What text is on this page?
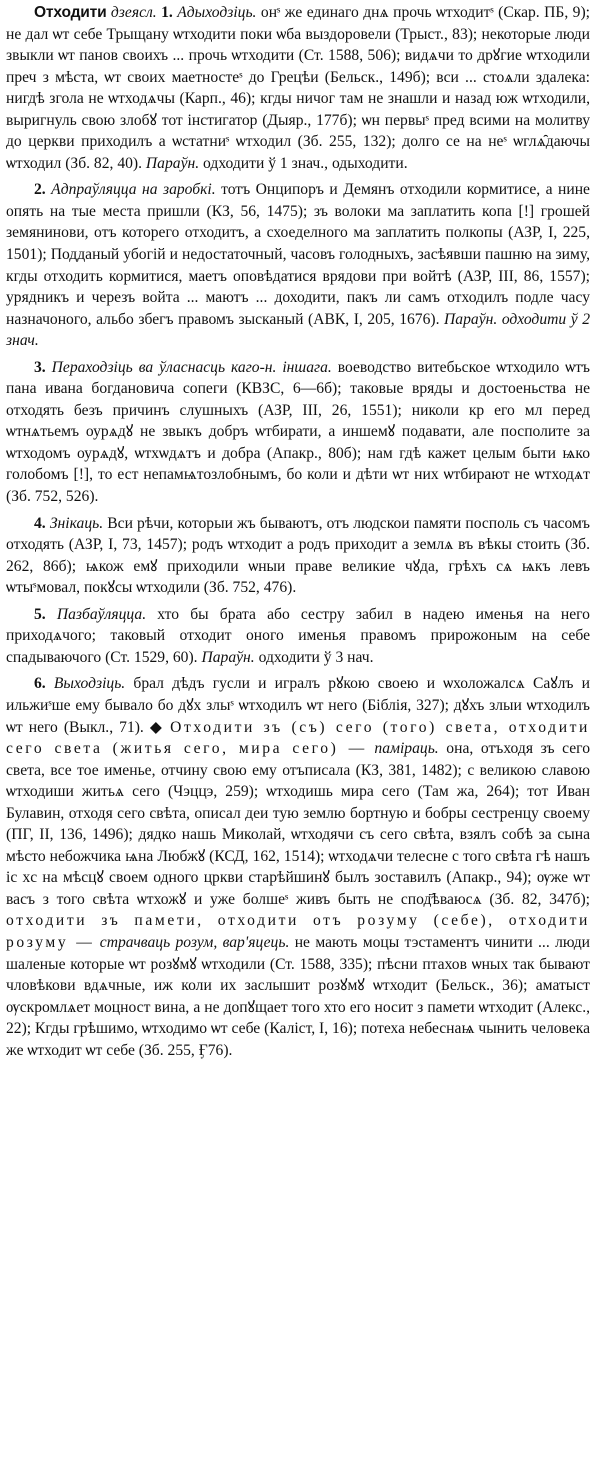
Отходити дзеясл. 1. Адыходзіць. онˢ же единаго днѧ прочь ѡтходитˢ (Скар. ПБ, 9); не дал ѡт себе Трыщану ѡтходити поки ѡба выздоровели (Трыст., 83); некоторые люди звыкли ѡт панов своихъ ... прочь ѡтходити (Ст. 1588, 506); видѧчи то дрꙋгие ѡтходили преч з мѣста, ѡт своих маетностеˢ до Грецѣи (Бельск., 149б); вси ... стоѧли здалека: нигдѣ згола не ѡтходѧчы (Карп., 46); кгды ничог там не знашли и назад юж ѡтходили, выригнуль свою злобꙋ тот інстигатор (Дыяр., 177б); ѡн первыˢ пред всими на молитву до церкви приходилъ а ѡстатниˢ ѡтходил (Зб. 255, 132); долго се на неˢ ѡглѧ̑даючы ѡтходил (Зб. 82, 40). Параўн. одходити ў 1 знач., одыходити.

2. Адпраўляцца на заробкі. тотъ Онципоръ и Демянъ отходили кормитисе, а нине опять на тые места пришли (КЗ, 56, 1475); зъ волоки ма заплатить копа [!] грошей земянинови, отъ которего отходитъ, а схоеделного ма заплатить полкопы (АЗР, I, 225, 1501); Подданый убогій и недостаточный, часовъ голодныхъ, засѣявши пашню на зиму, кгды отходить кормитися, маетъ оповѣдатися врядови при войтѣ (АЗР, III, 86, 1557); урядникъ и черезъ войта ... маютъ ... доходити, пакъ ли самъ отходилъ подле часу назначоного, альбо збегъ правомъ зысканый (АВК, I, 205, 1676). Параўн. одходити ў 2 знач.

3. Пераходзіць ва ўласнасць каго-н. іншага. воеводство витебьское ѡтходило ѡтъ пана ивана богдановича сопеги (КВЗС, 6—6б); таковые вряды и достоеньства не отходять безъ причинъ слушныхъ (АЗР, III, 26, 1551); николи кр его мл перед ѡтнѧтьемъ оурѧдꙋ не звыкъ добръ ѡтбирати, а иншемꙋ подавати, але посполите за ѡтходомъ оурѧдꙋ, ѡтхѡдѧтъ и добра (Апакр., 80б); нам гдѣ кажет целым быти ѩко голобомъ [!], то ест непамѩтозлобнымъ, бо коли и дѣти ѡт них ѡтбирают не ѡтходѧт (Зб. 752, 526).

4. Знікаць. Вси рѣчи, которыи жъ бываютъ, отъ людскои памяти посполь съ часомъ отходять (АЗР, I, 73, 1457); родъ ѡтходит а родъ приходит а землѧ въ вѣкы стоить (Зб. 262, 86б); ѩкож емꙋ приходили ѡныи праве великие чꙋда, грѣхъ сѧ ѩкъ левъ ѡтыˢмовал, покꙋсы ѡтходили (Зб. 752, 476).

5. Пазбаўляцца. хто бы брата або сестру забил в надею именья на него приходѧчого; таковый отходит оного именья правомъ прирожоным на себе спадываючого (Ст. 1529, 60). Параўн. одходити ў 3 нач.

6. Выходзіць. брал дѣдъ гусли и игралъ рꙋкою своею и ѡхоложалсѧ Саꙋлъ и ильжиˢше ему бывало бо дꙋх злыˢ ѡтходилъ ѡт него (Біблія, 327); дꙋхъ злыи ѡтходилъ ѡт него (Выкл., 71). ◆ Отходити зъ (съ) сего (того) света, отходити сего света (житья сего, мира сего) — паміраць. она, отъходя зъ сего света, все тое именье, отчину свою ему отъписала (КЗ, 381, 1482); с великою славою ѡтходиши житьѧ сего (Чэццэ, 259); ѡтходишь мира сего (Там жа, 264); тот Иван Булавин, отходя сего свѣта, описал деи тую землю бортную и бобры сестренцу своему (ПГ, II, 136, 1496); дядко нашь Миколай, ѡтходячи съ сего свѣта, взялъ собѣ за сына мѣсто небожчика ѩна Любжꙋ (КСД, 162, 1514); ѡтходѧчи телесне с того свѣта гѣ нашъ ic xc на мѣсцꙋ своем одного цркви старѣйшинꙋ былъ зоставилъ (Апакр., 94); ѹже ѡт васъ з того свѣта ѡтхожꙋ и уже болшеˢ живъ быть не спод҃ѣваюсѧ (Зб. 82, 347б); отходити зъ памети, отходити отъ розуму (себе), отходити розуму — страчваць розум, вар'яцець. не мають моцы тэстаментъ чинити ... люди шаленые которые ѡт розꙋмꙋ ѡтходили (Ст. 1588, 335); пѣсни птахов ѡных так бывают чловѣкови вдѧчные, иж коли их заслышит розꙋмꙋ ѡтходит (Бельск., 36); аматыст ѹскромлѧет моцност вина, а не допꙋщает того хто его носит з памети ѡтходит (Алекс., 22); Кгды грѣшимо, ѡтходимо ѡт себе (Каліст, I, 16); потеха небеснаѩ чынить человека же ѡтходит ѡт себе (Зб. 255, Ӻ76).
